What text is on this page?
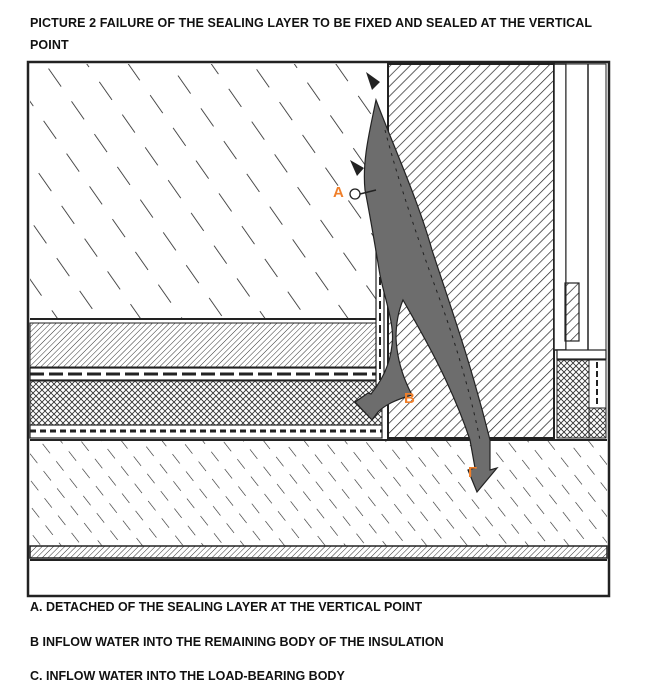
PICTURE 2 FAILURE OF THE SEALING LAYER TO BE FIXED AND SEALED AT THE VERTICAL POINT
A
B
Γ
A. DETACHED OF THE SEALING LAYER AT THE VERTICAL POINT
B INFLOW WATER INTO THE REMAINING BODY OF THE INSULATION
C. INFLOW WATER INTO THE LOAD-BEARING BODY
